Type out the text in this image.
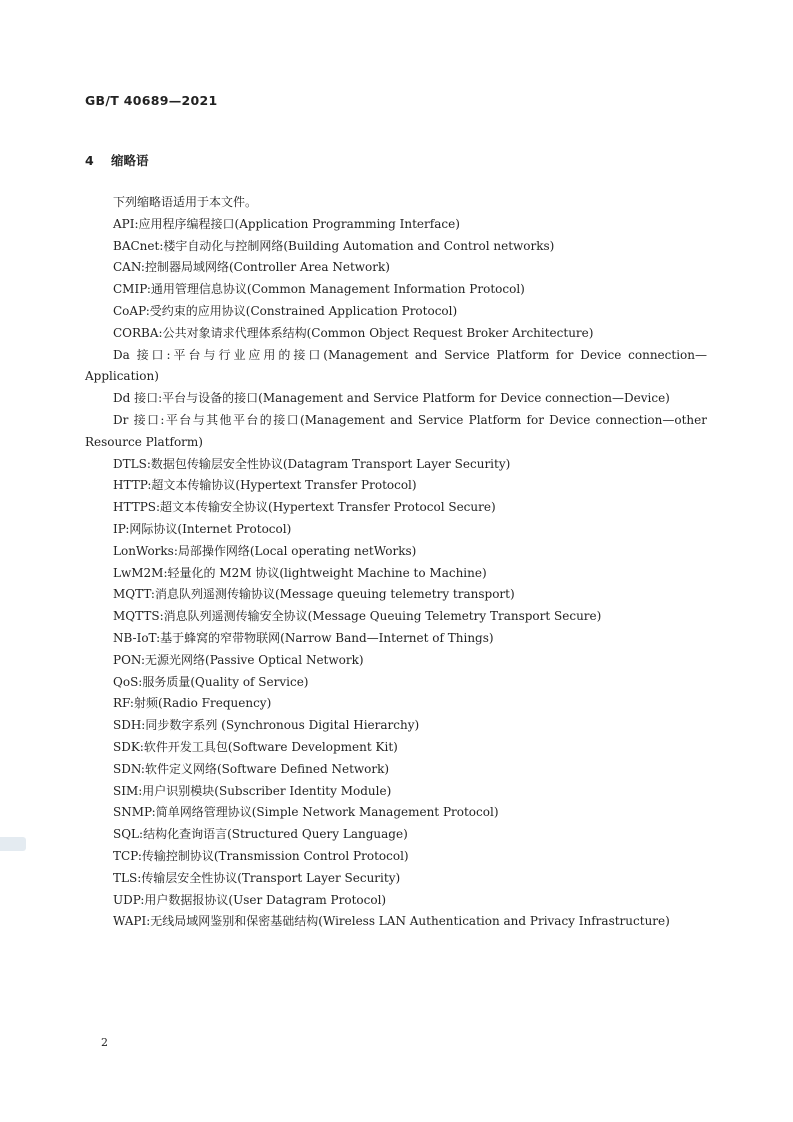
GB/T 40689—2021
4 缩略语

下列缩略语适用于本文件。

API:应用程序编程接口(Application Programming Interface)

BACnet:楼宇自动化与控制网络(Building Automation and Control networks)

CAN:控制器局域网络(Controller Area Network)

CMIP:通用管理信息协议(Common Management Information Protocol)

CoAP:受约束的应用协议(Constrained Application Protocol)

CORBA:公共对象请求代理体系结构(Common Object Request Broker Architecture)

Da 接口:平台与行业应用的接口(Management and Service Platform for Device connection—Application)

Dd 接口:平台与设备的接口(Management and Service Platform for Device connection—Device)

Dr 接口:平台与其他平台的接口(Management and Service Platform for Device connection—other Resource Platform)

DTLS:数据包传输层安全性协议(Datagram Transport Layer Security)

HTTP:超文本传输协议(Hypertext Transfer Protocol)

HTTPS:超文本传输安全协议(Hypertext Transfer Protocol Secure)

IP:网际协议(Internet Protocol)

LonWorks:局部操作网络(Local operating netWorks)

LwM2M:轻量化的 M2M 协议(lightweight Machine to Machine)

MQTT:消息队列遥测传输协议(Message queuing telemetry transport)

MQTTS:消息队列遥测传输安全协议(Message Queuing Telemetry Transport Secure)

NB-IoT:基于蜂窝的窄带物联网(Narrow Band—Internet of Things)

PON:无源光网络(Passive Optical Network)

QoS:服务质量(Quality of Service)

RF:射频(Radio Frequency)

SDH:同步数字系列 (Synchronous Digital Hierarchy)

SDK:软件开发工具包(Software Development Kit)

SDN:软件定义网络(Software Defined Network)

SIM:用户识别模块(Subscriber Identity Module)

SNMP:简单网络管理协议(Simple Network Management Protocol)

SQL:结构化查询语言(Structured Query Language)

TCP:传输控制协议(Transmission Control Protocol)

TLS:传输层安全性协议(Transport Layer Security)

UDP:用户数据报协议(User Datagram Protocol)

WAPI:无线局域网鉴别和保密基础结构(Wireless LAN Authentication and Privacy Infrastructure)

2
